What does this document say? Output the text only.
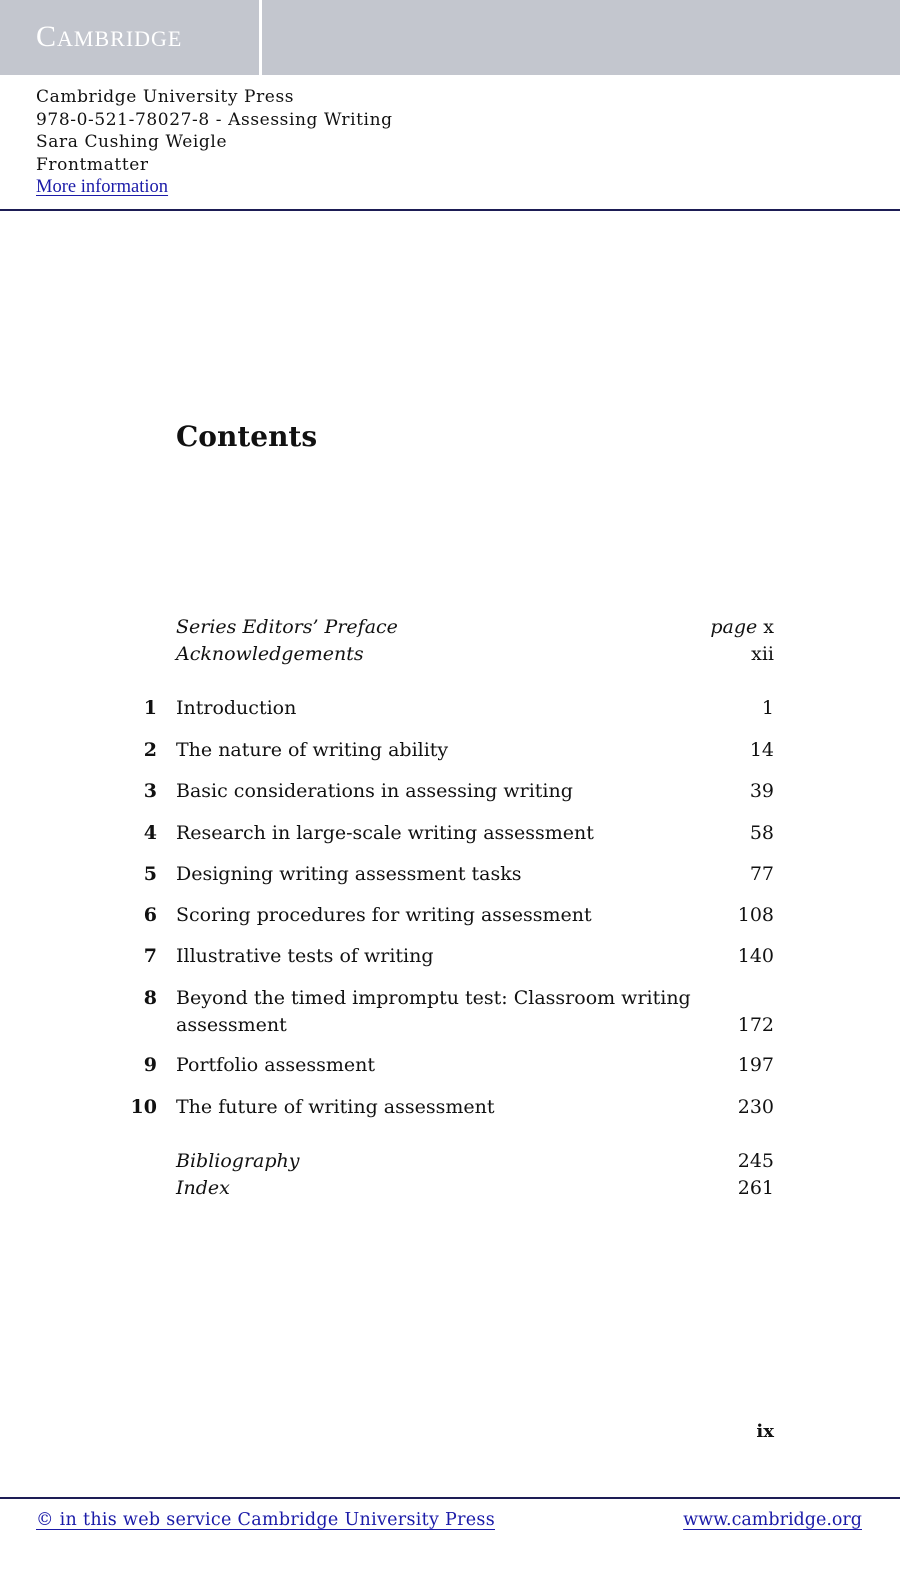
CAMBRIDGE
Cambridge University Press
978-0-521-78027-8 - Assessing Writing
Sara Cushing Weigle
Frontmatter
More information
Contents
Series Editors’ Preface	page x
Acknowledgements	xii
1 Introduction	1
2 The nature of writing ability	14
3 Basic considerations in assessing writing	39
4 Research in large-scale writing assessment	58
5 Designing writing assessment tasks	77
6 Scoring procedures for writing assessment	108
7 Illustrative tests of writing	140
8 Beyond the timed impromptu test: Classroom writing
assessment	172
9 Portfolio assessment	197
10 The future of writing assessment	230
Bibliography	245
Index	261
ix
© in this web service Cambridge University Press	www.cambridge.org
